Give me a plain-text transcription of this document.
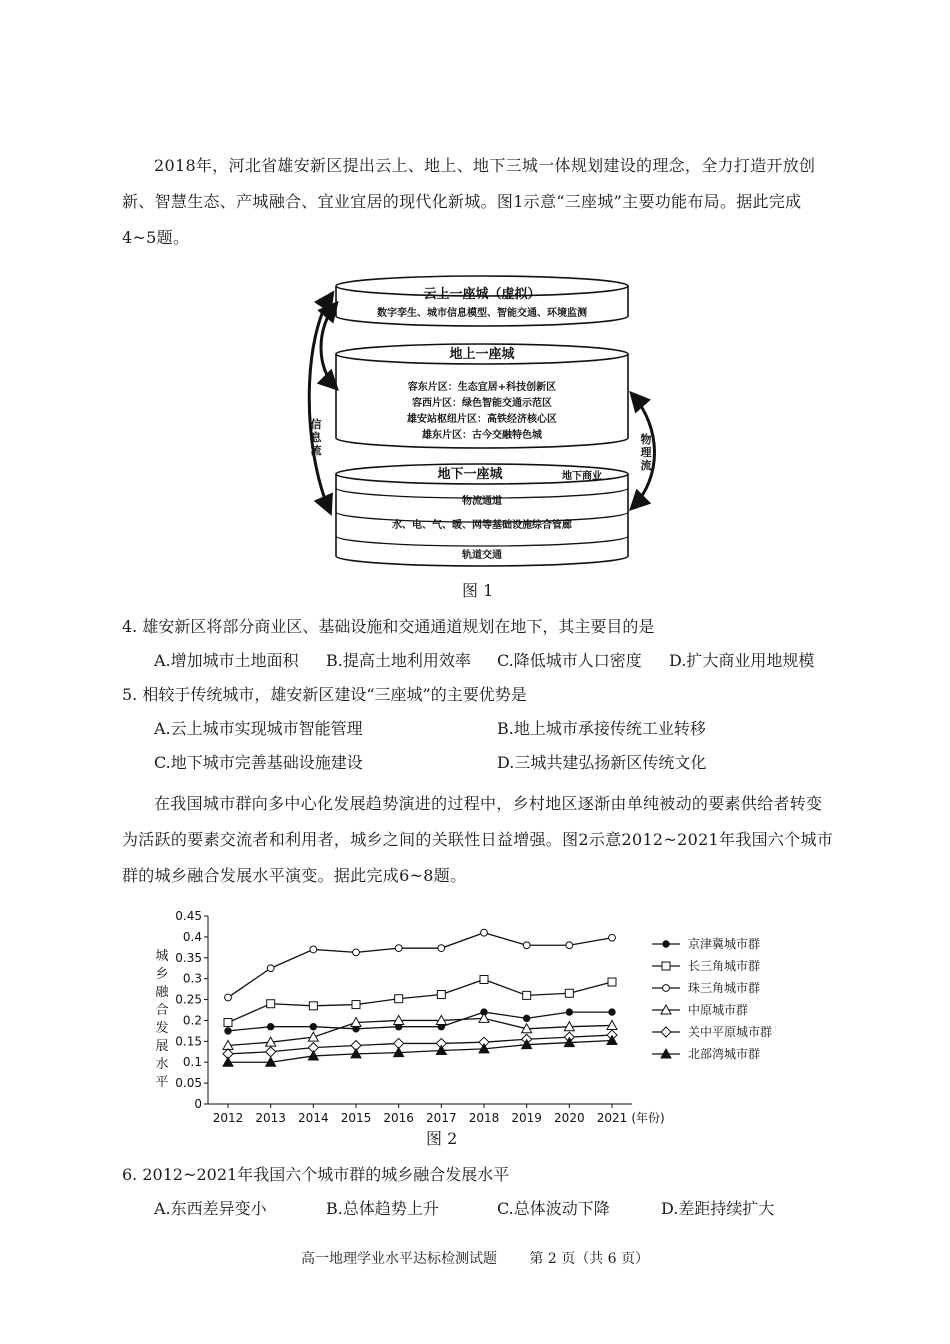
2018年，河北省雄安新区提出云上、地上、地下三城一体规划建设的理念，全力打造开放创新、智慧生态、产城融合、宜业宜居的现代化新城。图1示意“三座城”主要功能布局。据此完成4~5题。

云上一座城（虚拟）
数字孪生、城市信息模型、智能交通、环境监测
地上一座城
容东片区：生态宜居+科技创新区
容西片区：绿色智能交通示范区
雄安站枢纽片区：高铁经济核心区
雄东片区：古今交融特色城
地下一座城	地下商业
物流通道
水、电、气、暖、网等基础设施综合管廊
轨道交通
信
息
流
物
理
流

图 1

4. 雄安新区将部分商业区、基础设施和交通通道规划在地下，其主要目的是

A.增加城市土地面积 B.提高土地利用效率 C.降低城市人口密度 D.扩大商业用地规模

5. 相较于传统城市，雄安新区建设“三座城”的主要优势是

A.云上城市实现城市智能管理	B.地上城市承接传统工业转移

C.地下城市完善基础设施建设	D.三城共建弘扬新区传统文化

在我国城市群向多中心化发展趋势演进的过程中，乡村地区逐渐由单纯被动的要素供给者转变为活跃的要素交流者和利用者，城乡之间的关联性日益增强。图2示意2012~2021年我国六个城市群的城乡融合发展水平演变。据此完成6~8题。

0
0.05
0.1
0.15
0.2
0.25
0.3
0.35
0.4
0.45
2012 2013 2014 2015 2016 2017 2018 2019 2020 2021 (年份)
城
乡
融
合
发
展
水
平
京津冀城市群
长三角城市群
珠三角城市群
中原城市群
关中平原城市群
北部湾城市群

图 2

6. 2012~2021年我国六个城市群的城乡融合发展水平

A.东西差异变小	B.总体趋势上升	C.总体波动下降	D.差距持续扩大

高一地理学业水平达标检测试题 第 2 页（共 6 页）
